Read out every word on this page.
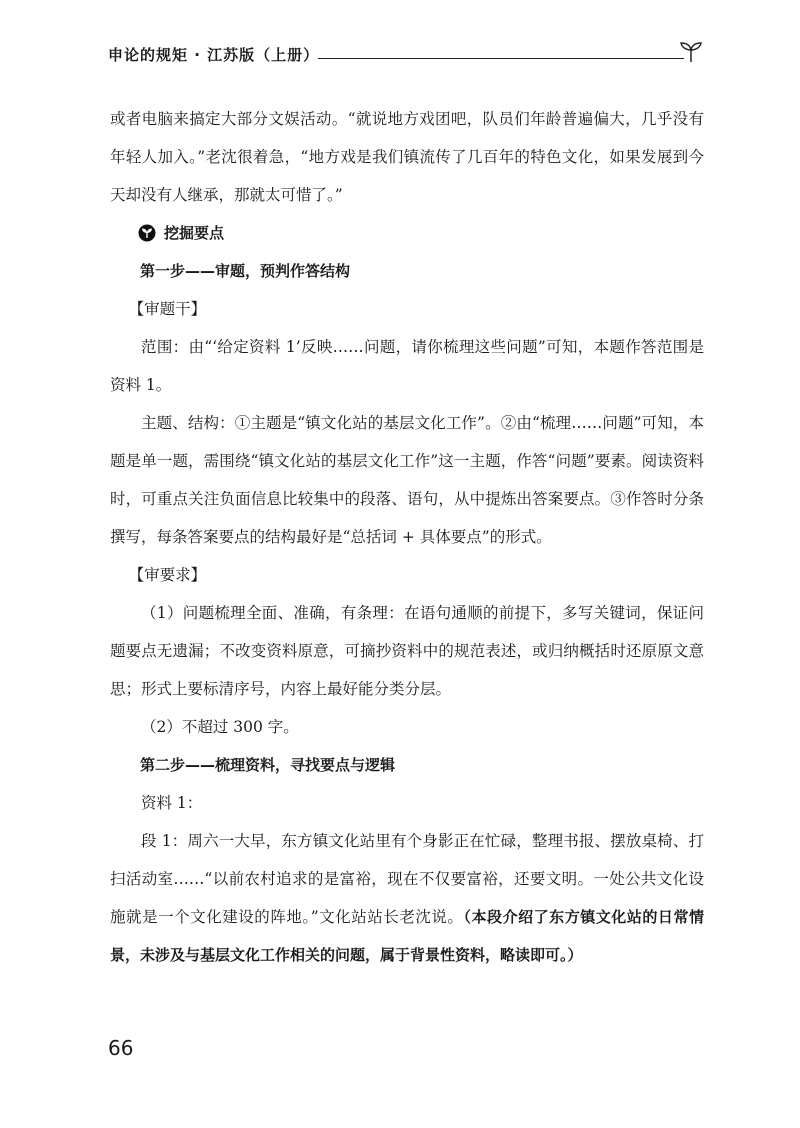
申论的规矩 · 江苏版（上册）

或者电脑来搞定大部分文娱活动。“就说地方戏团吧，队员们年龄普遍偏大，几乎没有年轻人加入。”老沈很着急，“地方戏是我们镇流传了几百年的特色文化，如果发展到今天却没有人继承，那就太可惜了。”

挖掘要点

第一步——审题，预判作答结构

【审题干】

范围：由“‘给定资料 1’反映……问题，请你梳理这些问题”可知，本题作答范围是资料 1。

主题、结构：①主题是“镇文化站的基层文化工作”。②由“梳理……问题”可知，本题是单一题，需围绕“镇文化站的基层文化工作”这一主题，作答“问题”要素。阅读资料时，可重点关注负面信息比较集中的段落、语句，从中提炼出答案要点。③作答时分条撰写，每条答案要点的结构最好是“总括词 + 具体要点”的形式。

【审要求】

（1）问题梳理全面、准确，有条理：在语句通顺的前提下，多写关键词，保证问题要点无遗漏；不改变资料原意，可摘抄资料中的规范表述，或归纳概括时还原原文意思；形式上要标清序号，内容上最好能分类分层。

（2）不超过 300 字。

第二步——梳理资料，寻找要点与逻辑

资料 1：

段 1：周六一大早，东方镇文化站里有个身影正在忙碌，整理书报、摆放桌椅、打扫活动室……“以前农村追求的是富裕，现在不仅要富裕，还要文明。一处公共文化设施就是一个文化建设的阵地。”文化站站长老沈说。（本段介绍了东方镇文化站的日常情景，未涉及与基层文化工作相关的问题，属于背景性资料，略读即可。）

66
